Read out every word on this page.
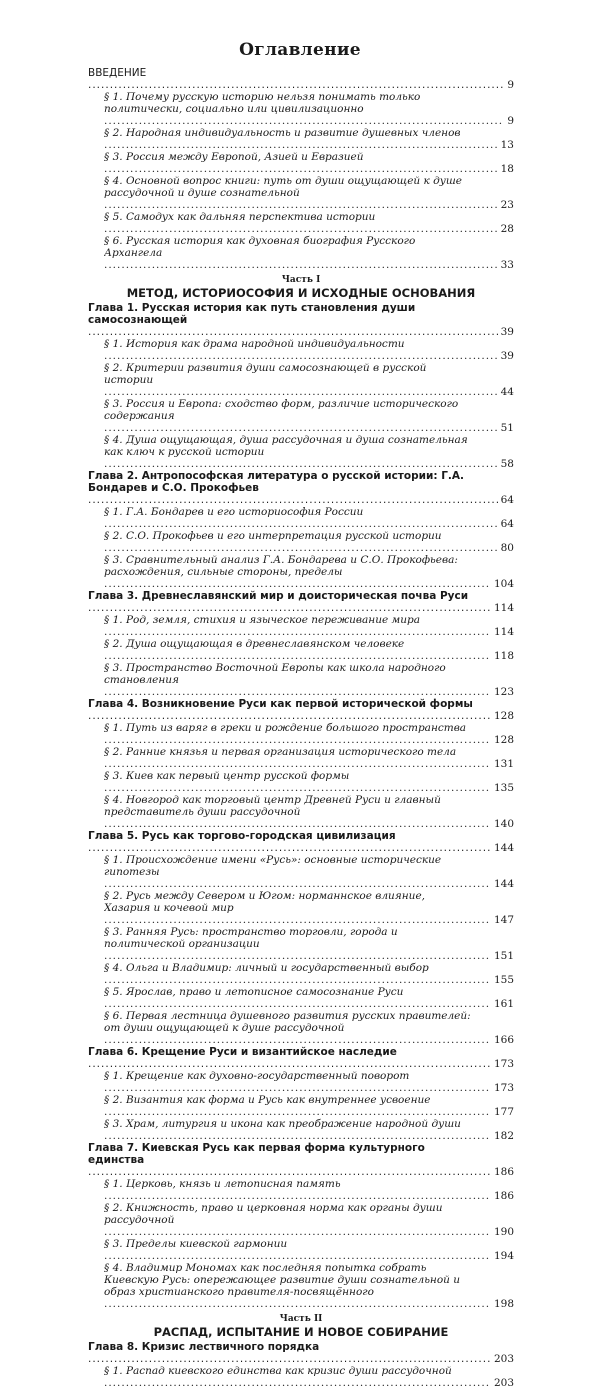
Оглавление
ВВЕДЕНИЕ .....
9
§ 1. Почему русскую историю нельзя понимать только политически, социально или цивилизационно .....
9
§ 2. Народная индивидуальность и развитие душевных членов .....
13
§ 3. Россия между Европой, Азией и Евразией .....
18
§ 4. Основной вопрос книги: путь от души ощущающей к душе рассудочной и душе сознательной .....
23
§ 5. Самодух как дальняя перспектива истории .....
28
§ 6. Русская история как духовная биография Русского Архангела .....
33
Часть I
МЕТОД, ИСТОРИОСОФИЯ И ИСХОДНЫЕ ОСНОВАНИЯ
Глава 1. Русская история как путь становления души самосознающей .....
39
§ 1. История как драма народной индивидуальности .....
39
§ 2. Критерии развития души самосознающей в русской истории .....
44
§ 3. Россия и Европа: сходство форм, различие исторического содержания .....
51
§ 4. Душа ощущающая, душа рассудочная и душа сознательная как ключ к русской истории .....
58
Глава 2. Антропософская литература о русской истории: Г.А. Бондарев и С.О. Прокофьев .....
64
§ 1. Г.А. Бондарев и его историософия России .....
64
§ 2. С.О. Прокофьев и его интерпретация русской истории .....
80
§ 3. Сравнительный анализ Г.А. Бондарева и С.О. Прокофьева: расхождения, сильные стороны, пределы .....
104
Глава 3. Древнеславянский мир и доисторическая почва Руси .....
114
§ 1. Род, земля, стихия и языческое переживание мира .....
114
§ 2. Душа ощущающая в древнеславянском человеке .....
118
§ 3. Пространство Восточной Европы как школа народного становления .....
123
Глава 4. Возникновение Руси как первой исторической формы .....
128
§ 1. Путь из варяг в греки и рождение большого пространства .....
128
§ 2. Ранние князья и первая организация исторического тела .....
131
§ 3. Киев как первый центр русской формы .....
135
§ 4. Новгород как торговый центр Древней Руси и главный представитель души рассудочной .....
140
Глава 5. Русь как торгово-городская цивилизация .....
144
§ 1. Происхождение имени «Русь»: основные исторические гипотезы .....
144
§ 2. Русь между Севером и Югом: норманнское влияние, Хазария и кочевой мир .....
147
§ 3. Ранняя Русь: пространство торговли, города и политической организации .....
151
§ 4. Ольга и Владимир: личный и государственный выбор .....
155
§ 5. Ярослав, право и летописное самосознание Руси .....
161
§ 6. Первая лестница душевного развития русских правителей: от души ощущающей к душе рассудочной .....
166
Глава 6. Крещение Руси и византийское наследие .....
173
§ 1. Крещение как духовно-государственный поворот .....
173
§ 2. Византия как форма и Русь как внутреннее усвоение .....
177
§ 3. Храм, литургия и икона как преображение народной души .....
182
Глава 7. Киевская Русь как первая форма культурного единства .....
186
§ 1. Церковь, князь и летописная память .....
186
§ 2. Книжность, право и церковная норма как органы души рассудочной .....
190
§ 3. Пределы киевской гармонии .....
194
§ 4. Владимир Мономах как последняя попытка собрать Киевскую Русь: опережающее развитие души сознательной и образ христианского правителя-посвящённого .....
198
Часть II
РАСПАД, ИСПЫТАНИЕ И НОВОЕ СОБИРАНИЕ
Глава 8. Кризис лествичного порядка .....
203
§ 1. Распад киевского единства как кризис души рассудочной .....
203
